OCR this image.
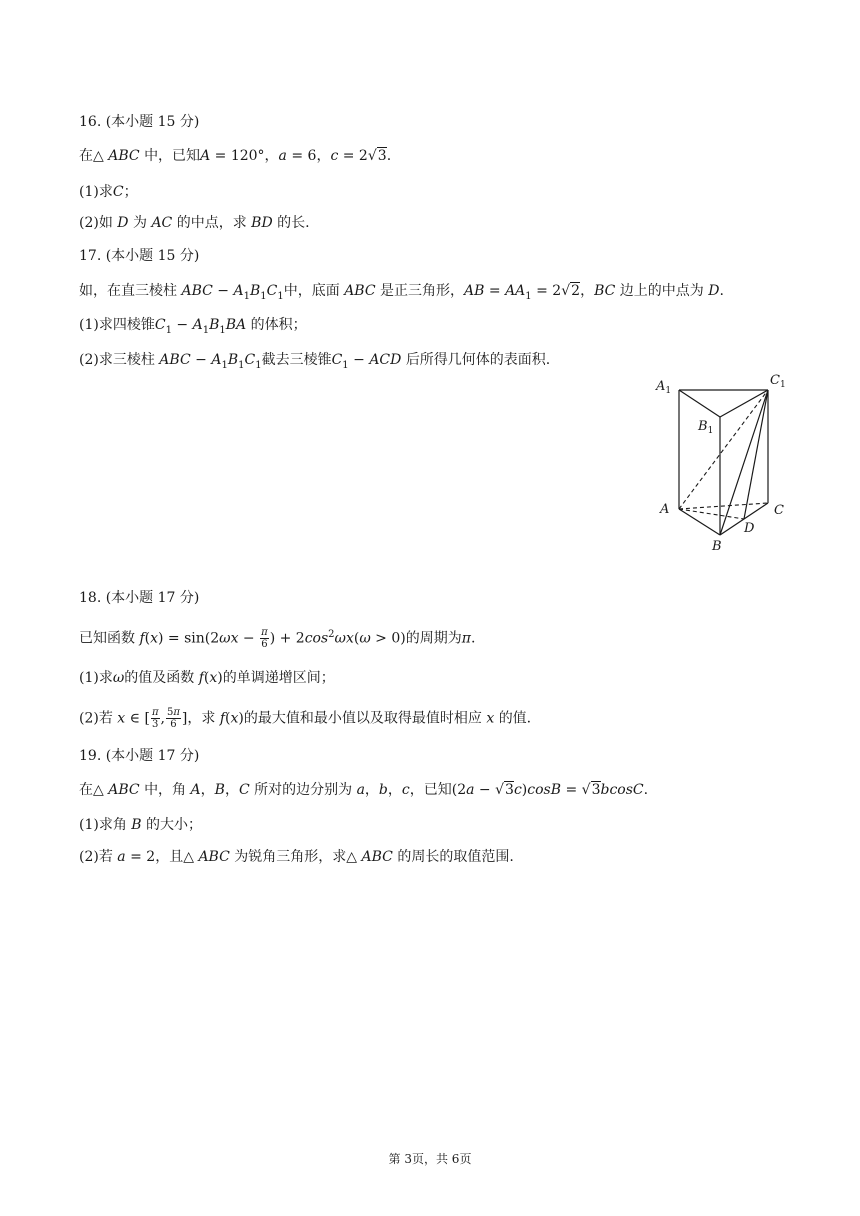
16. (本小题 15 分)
在△ ABC 中，已知A = 120°，a = 6，c = 2√3.
(1)求C；
(2)如 D 为 AC 的中点，求 BD 的长.
17. (本小题 15 分)
如，在直三棱柱 ABC − $A_1B_1C_1$中，底面 ABC 是正三角形，AB = $AA_1 = 2√2$，BC 边上的中点为 D.
(1)求四棱锥$C_1 - A_1B_1BA$ 的体积；
(2)求三棱柱 ABC − $A_1B_1C_1$截去三棱锥$C_1$ − ACD 后所得几何体的表面积.
$A_1$
$C_1$
$B_1$
A	C
D
B
18. (本小题 17 分)
已知函数 $f(x) = \sin(2\omega x - \frac{\pi}{6}$ ) + $2\cos^2\omega x(\omega > 0)$的周期为π.
(1)求ω的值及函数 f(x)的单调递增区间；
(2)若 x ∈ [ $\frac{\pi}{3}$ , $\frac{5\pi}{6}$ ]，求 f(x)的最大值和最小值以及取得最值时相应 x 的值.
19. (本小题 17 分)
在△ ABC 中，角 A，B，C 所对的边分别为 a，b，c，已知(2a − √3c)cosB = √3bcosC.
(1)求角 B 的大小；
(2)若 a = 2，且△ ABC 为锐角三角形，求△ ABC 的周长的取值范围.
第 3页，共 6页
